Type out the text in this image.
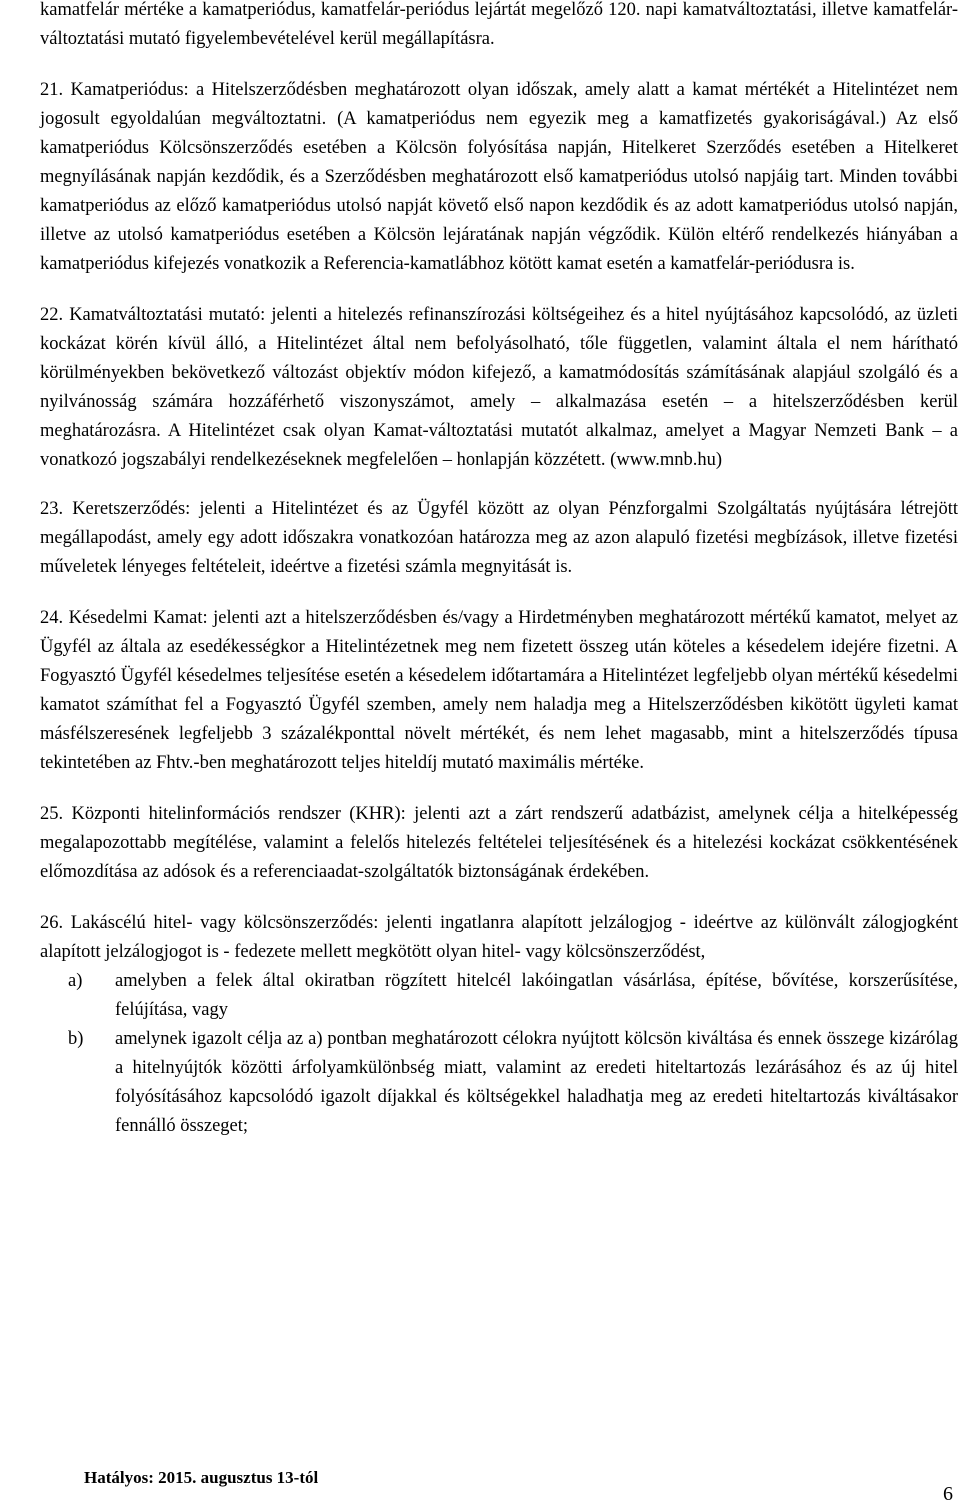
kamatfelár mértéke a kamatperiódus, kamatfelár-periódus lejártát megelőző 120. napi kamatváltoztatási, illetve kamatfelár-változtatási mutató figyelembevételével kerül megállapításra.

21. Kamatperiódus: a Hitelszerződésben meghatározott olyan időszak, amely alatt a kamat mértékét a Hitelintézet nem jogosult egyoldalúan megváltoztatni. (A kamatperiódus nem egyezik meg a kamatfizetés gyakoriságával.) Az első kamatperiódus Kölcsönszerződés esetében a Kölcsön folyósítása napján, Hitelkeret Szerződés esetében a Hitelkeret megnyílásának napján kezdődik, és a Szerződésben meghatározott első kamatperiódus utolsó napjáig tart. Minden további kamatperiódus az előző kamatperiódus utolsó napját követő első napon kezdődik és az adott kamatperiódus utolsó napján, illetve az utolsó kamatperiódus esetében a Kölcsön lejáratának napján végződik. Külön eltérő rendelkezés hiányában a kamatperiódus kifejezés vonatkozik a Referencia-kamatlábhoz kötött kamat esetén a kamatfelár-periódusra is.

22. Kamatváltoztatási mutató: jelenti a hitelezés refinanszírozási költségeihez és a hitel nyújtásához kapcsolódó, az üzleti kockázat körén kívül álló, a Hitelintézet által nem befolyásolható, tőle független, valamint általa el nem hárítható körülményekben bekövetkező változást objektív módon kifejező, a kamatmódosítás számításának alapjául szolgáló és a nyilvánosság számára hozzáférhető viszonyszámot, amely – alkalmazása esetén – a hitelszerződésben kerül meghatározásra. A Hitelintézet csak olyan Kamat-változtatási mutatót alkalmaz, amelyet a Magyar Nemzeti Bank – a vonatkozó jogszabályi rendelkezéseknek megfelelően – honlapján közzétett. (www.mnb.hu)

23. Keretszerződés: jelenti a Hitelintézet és az Ügyfél között az olyan Pénzforgalmi Szolgáltatás nyújtására létrejött megállapodást, amely egy adott időszakra vonatkozóan határozza meg az azon alapuló fizetési megbízások, illetve fizetési műveletek lényeges feltételeit, ideértve a fizetési számla megnyitását is.

24. Késedelmi Kamat: jelenti azt a hitelszerződésben és/vagy a Hirdetményben meghatározott mértékű kamatot, melyet az Ügyfél az általa az esedékességkor a Hitelintézetnek meg nem fizetett összeg után köteles a késedelem idejére fizetni. A Fogyasztó Ügyfél késedelmes teljesítése esetén a késedelem időtartamára a Hitelintézet legfeljebb olyan mértékű késedelmi kamatot számíthat fel a Fogyasztó Ügyfél szemben, amely nem haladja meg a Hitelszerződésben kikötött ügyleti kamat másfélszeresének legfeljebb 3 százalékponttal növelt mértékét, és nem lehet magasabb, mint a hitelszerződés típusa tekintetében az Fhtv.-ben meghatározott teljes hiteldíj mutató maximális mértéke.

25. Központi hitelinformációs rendszer (KHR): jelenti azt a zárt rendszerű adatbázist, amelynek célja a hitelképesség megalapozottabb megítélése, valamint a felelős hitelezés feltételei teljesítésének és a hitelezési kockázat csökkentésének előmozdítása az adósok és a referenciaadat-szolgáltatók biztonságának érdekében.

26. Lakáscélú hitel- vagy kölcsönszerződés: jelenti ingatlanra alapított jelzálogjog - ideértve az különvált zálogjogként alapított jelzálogjogot is - fedezete mellett megkötött olyan hitel- vagy kölcsönszerződést,

a) amelyben a felek által okiratban rögzített hitelcél lakóingatlan vásárlása, építése, bővítése, korszerűsítése, felújítása, vagy

b) amelynek igazolt célja az a) pontban meghatározott célokra nyújtott kölcsön kiváltása és ennek összege kizárólag a hitelnyújtók közötti árfolyamkülönbség miatt, valamint az eredeti hiteltartozás lezárásához és az új hitel folyósításához kapcsolódó igazolt díjakkal és költségekkel haladhatja meg az eredeti hiteltartozás kiváltásakor fennálló összeget;

Hatályos: 2015. augusztus 13-tól
6
